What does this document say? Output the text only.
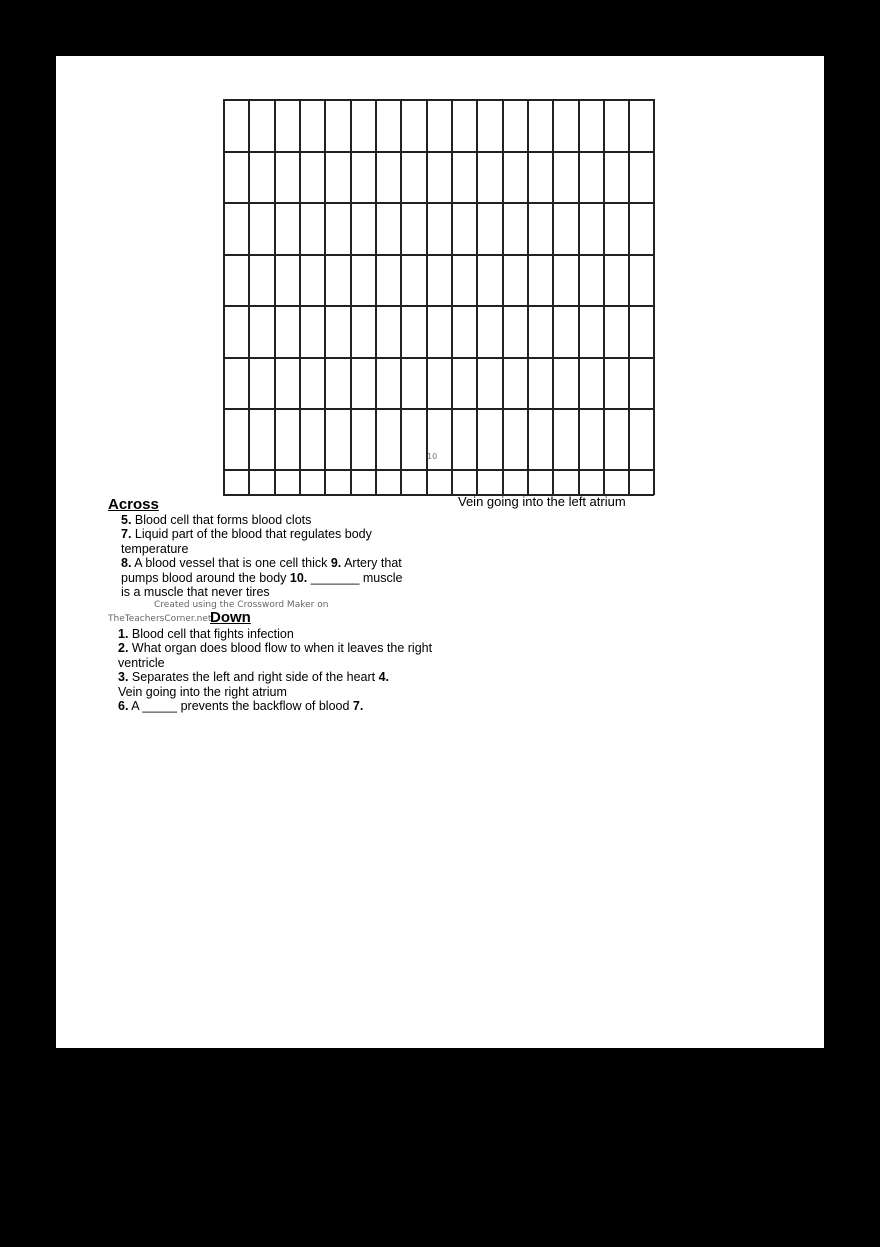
10
Vein going into the left atrium
Across
5. Blood cell that forms blood clots
7. Liquid part of the blood that regulates body
temperature
8. A blood vessel that is one cell thick 9. Artery that
pumps blood around the body 10. _______ muscle
is a muscle that never tires
Created using the Crossword Maker on
TheTeachersCorner.net
Down
1. Blood cell that fights infection
2. What organ does blood flow to when it leaves the right
ventricle
3. Separates the left and right side of the heart 4.
Vein going into the right atrium
6. A _____ prevents the backflow of blood 7.
